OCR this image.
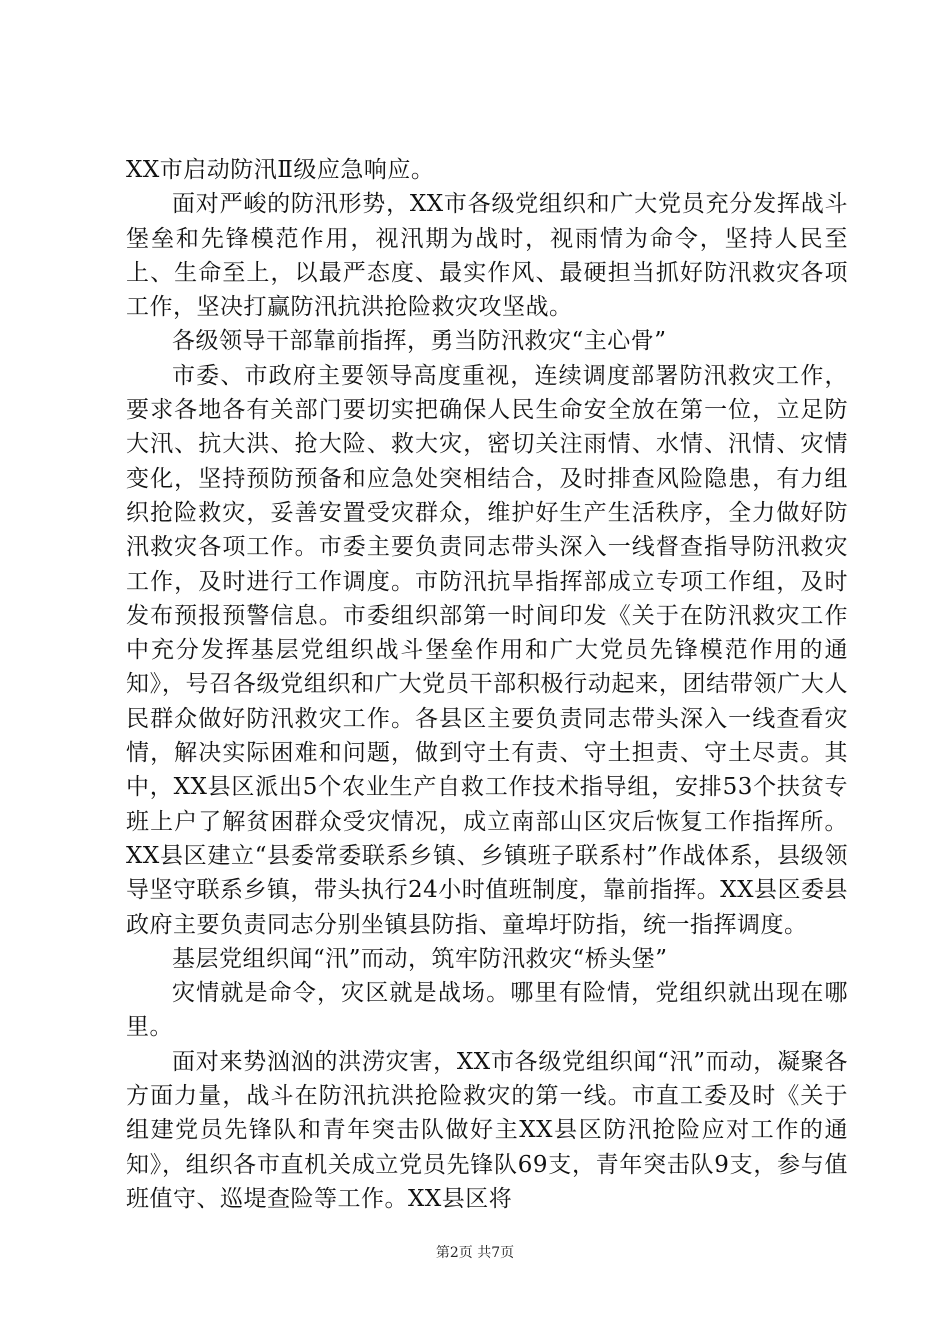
XX市启动防汛Ⅱ级应急响应。

面对严峻的防汛形势，XX市各级党组织和广大党员充分发挥战斗堡垒和先锋模范作用，视汛期为战时，视雨情为命令，坚持人民至上、生命至上，以最严态度、最实作风、最硬担当抓好防汛救灾各项工作，坚决打赢防汛抗洪抢险救灾攻坚战。

各级领导干部靠前指挥，勇当防汛救灾“主心骨”

市委、市政府主要领导高度重视，连续调度部署防汛救灾工作，要求各地各有关部门要切实把确保人民生命安全放在第一位，立足防大汛、抗大洪、抢大险、救大灾，密切关注雨情、水情、汛情、灾情变化，坚持预防预备和应急处突相结合，及时排查风险隐患，有力组织抢险救灾，妥善安置受灾群众，维护好生产生活秩序，全力做好防汛救灾各项工作。市委主要负责同志带头深入一线督查指导防汛救灾工作，及时进行工作调度。市防汛抗旱指挥部成立专项工作组，及时发布预报预警信息。市委组织部第一时间印发《关于在防汛救灾工作中充分发挥基层党组织战斗堡垒作用和广大党员先锋模范作用的通知》，号召各级党组织和广大党员干部积极行动起来，团结带领广大人民群众做好防汛救灾工作。各县区主要负责同志带头深入一线查看灾情，解决实际困难和问题，做到守土有责、守土担责、守土尽责。其中，XX县区派出5个农业生产自救工作技术指导组，安排53个扶贫专班上户了解贫困群众受灾情况，成立南部山区灾后恢复工作指挥所。XX县区建立“县委常委联系乡镇、乡镇班子联系村”作战体系，县级领导坚守联系乡镇，带头执行24小时值班制度，靠前指挥。XX县区委县政府主要负责同志分别坐镇县防指、童埠圩防指，统一指挥调度。

基层党组织闻“汛”而动，筑牢防汛救灾“桥头堡”

灾情就是命令，灾区就是战场。哪里有险情，党组织就出现在哪里。

面对来势汹汹的洪涝灾害，XX市各级党组织闻“汛”而动，凝聚各方面力量，战斗在防汛抗洪抢险救灾的第一线。市直工委及时《关于组建党员先锋队和青年突击队做好主XX县区防汛抢险应对工作的通知》，组织各市直机关成立党员先锋队69支，青年突击队9支，参与值班值守、巡堤查险等工作。XX县区将

第2页 共7页
